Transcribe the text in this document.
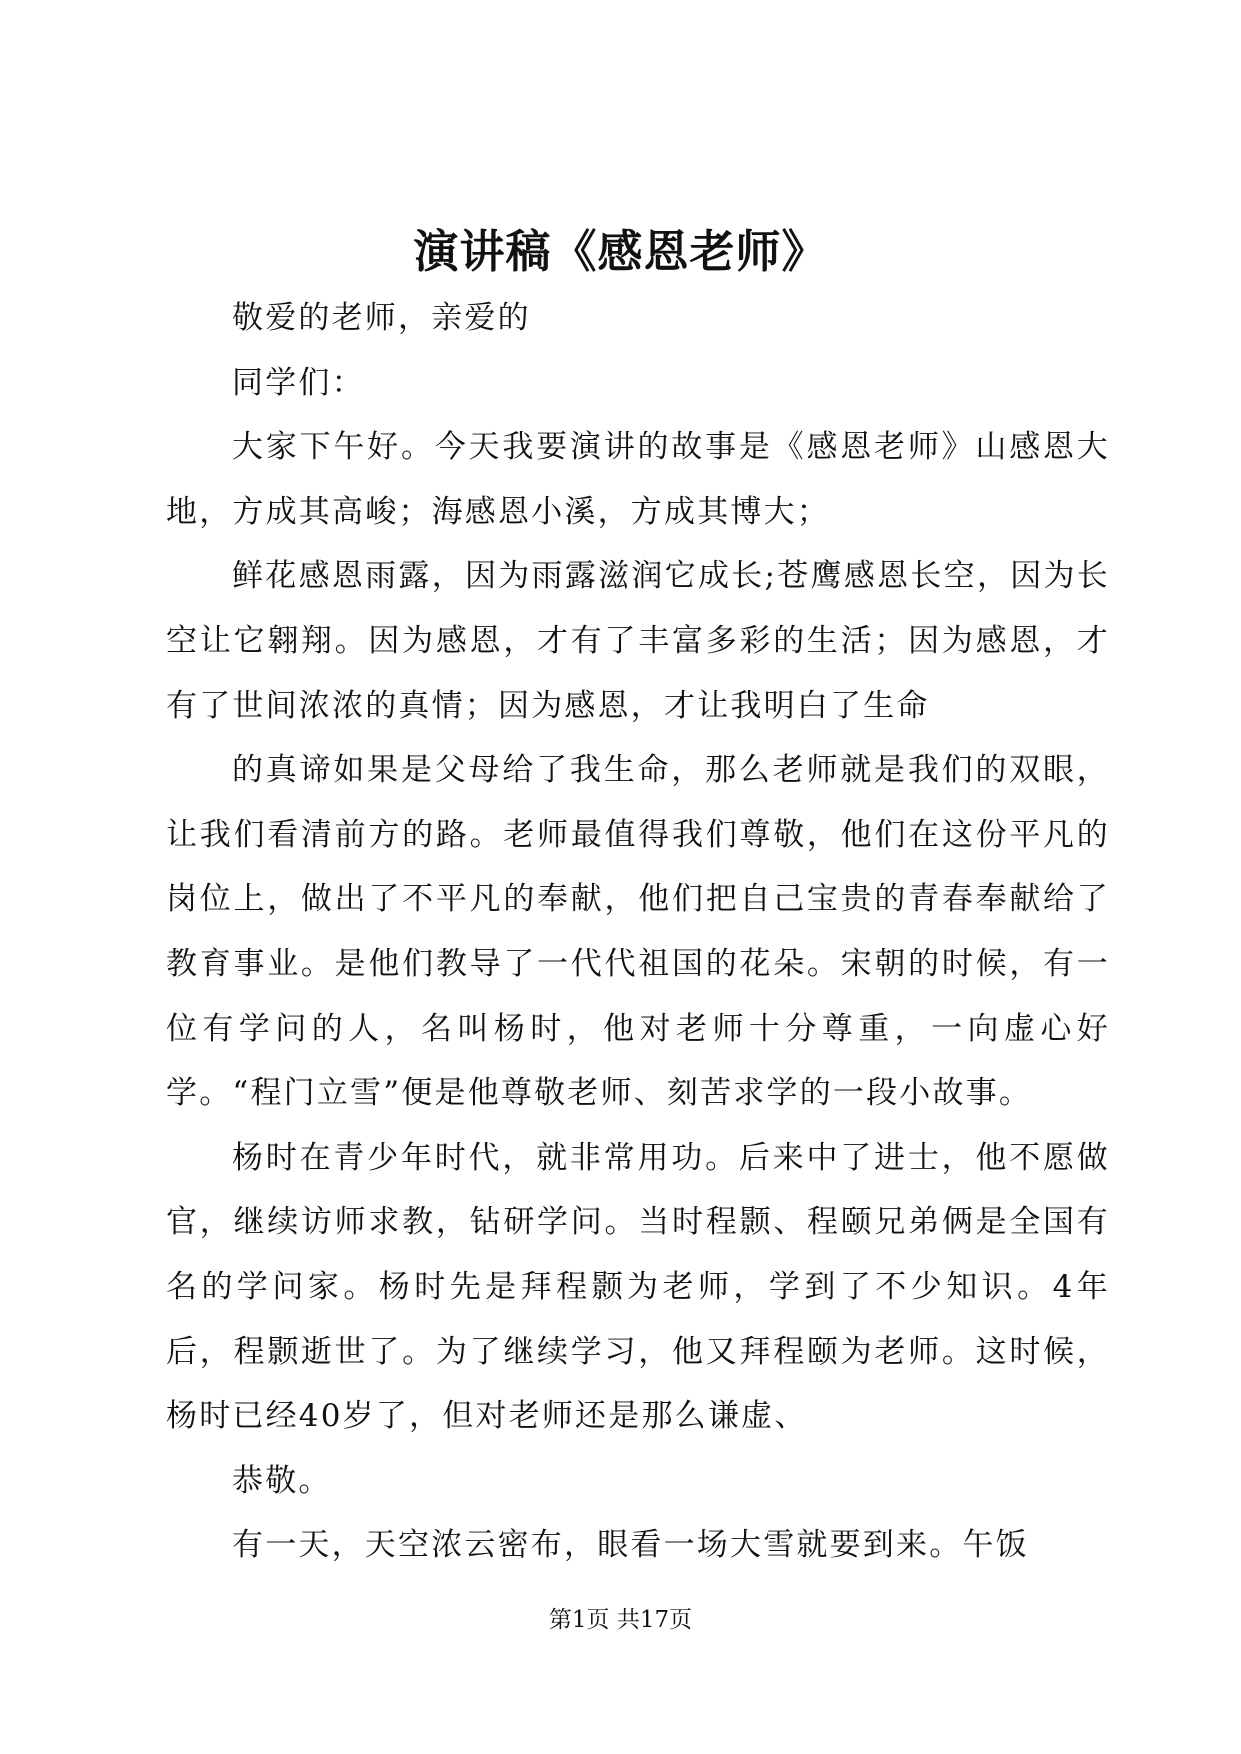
演讲稿《感恩老师》

敬爱的老师，亲爱的

同学们：

大家下午好。今天我要演讲的故事是《感恩老师》山感恩大地，方成其高峻；海感恩小溪，方成其博大；

鲜花感恩雨露，因为雨露滋润它成长;苍鹰感恩长空，因为长空让它翱翔。因为感恩，才有了丰富多彩的生活；因为感恩，才有了世间浓浓的真情；因为感恩，才让我明白了生命

的真谛如果是父母给了我生命，那么老师就是我们的双眼，让我们看清前方的路。老师最值得我们尊敬，他们在这份平凡的岗位上，做出了不平凡的奉献，他们把自己宝贵的青春奉献给了教育事业。是他们教导了一代代祖国的花朵。宋朝的时候，有一位有学问的人，名叫杨时，他对老师十分尊重，一向虚心好学。“程门立雪”便是他尊敬老师、刻苦求学的一段小故事。

杨时在青少年时代，就非常用功。后来中了进士，他不愿做官，继续访师求教，钻研学问。当时程颢、程颐兄弟俩是全国有名的学问家。杨时先是拜程颢为老师，学到了不少知识。4年后，程颢逝世了。为了继续学习，他又拜程颐为老师。这时候，杨时已经40岁了，但对老师还是那么谦虚、

恭敬。

有一天，天空浓云密布，眼看一场大雪就要到来。午饭

第1页 共17页
